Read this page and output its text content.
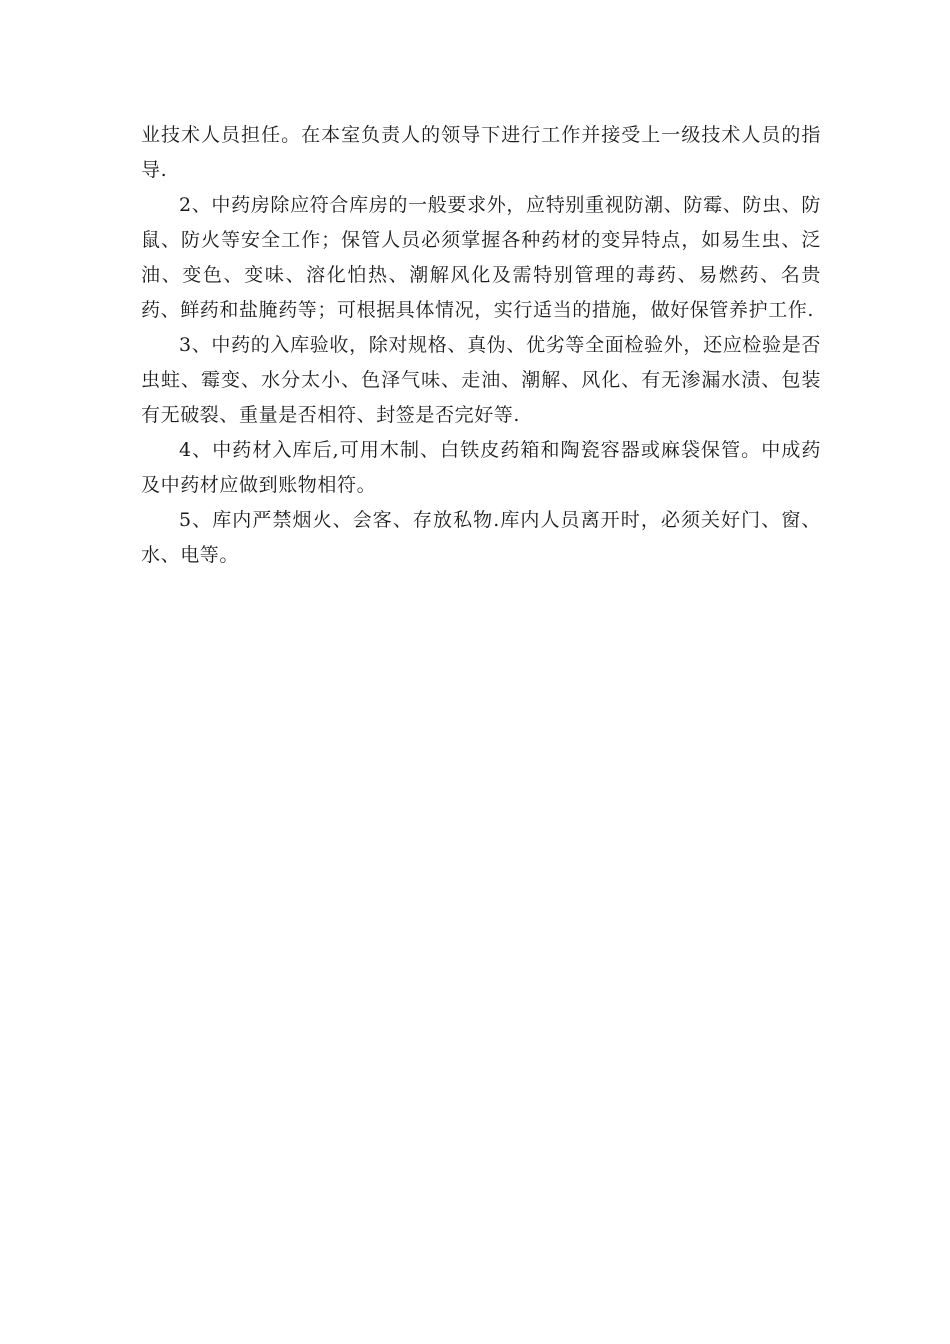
业技术人员担任。在本室负责人的领导下进行工作并接受上一级技术人员的指导.

2、中药房除应符合库房的一般要求外，应特别重视防潮、防霉、防虫、防鼠、防火等安全工作；保管人员必须掌握各种药材的变异特点，如易生虫、泛油、变色、变味、溶化怕热、潮解风化及需特别管理的毒药、易燃药、名贵药、鲜药和盐腌药等；可根据具体情况，实行适当的措施，做好保管养护工作.

3、中药的入库验收，除对规格、真伪、优劣等全面检验外，还应检验是否虫蛀、霉变、水分太小、色泽气味、走油、潮解、风化、有无渗漏水渍、包装有无破裂、重量是否相符、封签是否完好等.

4、中药材入库后,可用木制、白铁皮药箱和陶瓷容器或麻袋保管。中成药及中药材应做到账物相符。

5、库内严禁烟火、会客、存放私物.库内人员离开时，必须关好门、窗、水、电等。
